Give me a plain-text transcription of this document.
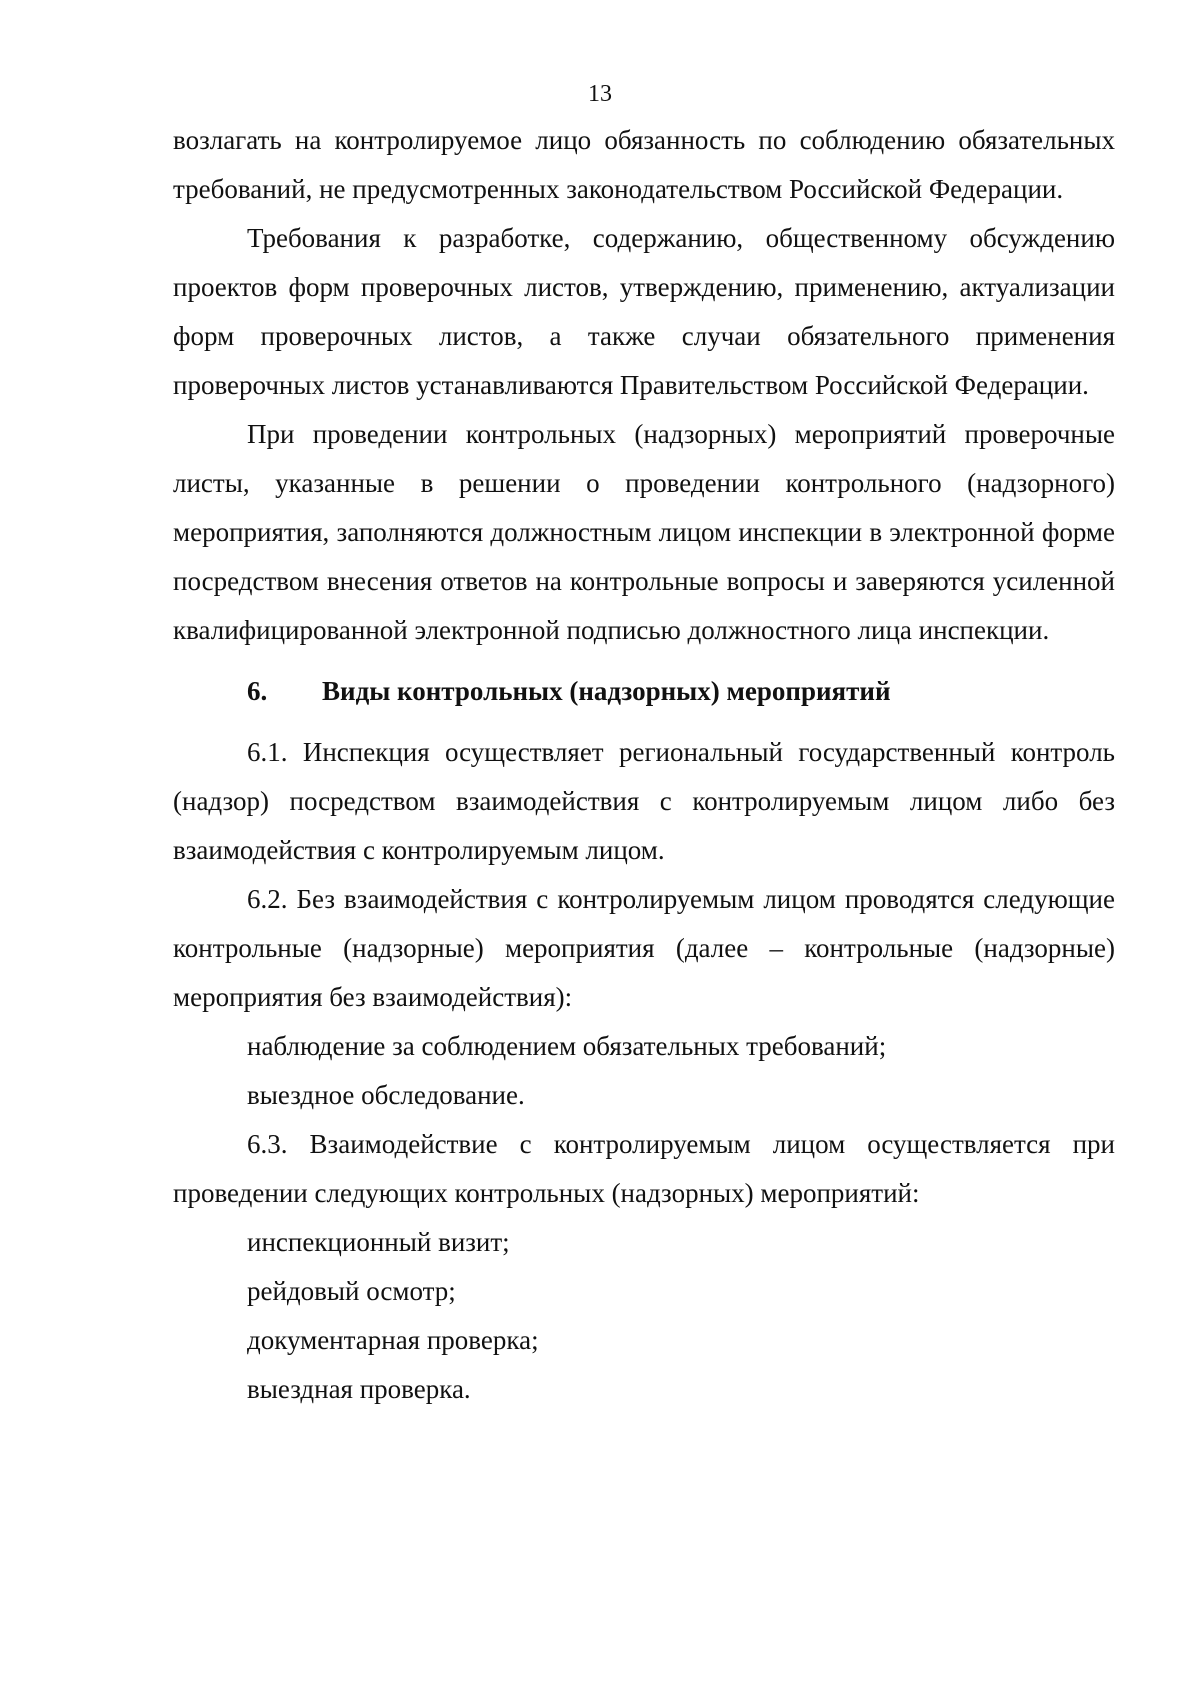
13

возлагать на контролируемое лицо обязанность по соблюдению обязательных требований, не предусмотренных законодательством Российской Федерации.

Требования к разработке, содержанию, общественному обсуждению проектов форм проверочных листов, утверждению, применению, актуализации форм проверочных листов, а также случаи обязательного применения проверочных листов устанавливаются Правительством Российской Федерации.

При проведении контрольных (надзорных) мероприятий проверочные листы, указанные в решении о проведении контрольного (надзорного) мероприятия, заполняются должностным лицом инспекции в электронной форме посредством внесения ответов на контрольные вопросы и заверяются усиленной квалифицированной электронной подписью должностного лица инспекции.

6. Виды контрольных (надзорных) мероприятий

6.1. Инспекция осуществляет региональный государственный контроль (надзор) посредством взаимодействия с контролируемым лицом либо без взаимодействия с контролируемым лицом.

6.2. Без взаимодействия с контролируемым лицом проводятся следующие контрольные (надзорные) мероприятия (далее – контрольные (надзорные) мероприятия без взаимодействия):

наблюдение за соблюдением обязательных требований;

выездное обследование.

6.3. Взаимодействие с контролируемым лицом осуществляется при проведении следующих контрольных (надзорных) мероприятий:

инспекционный визит;

рейдовый осмотр;

документарная проверка;

выездная проверка.
